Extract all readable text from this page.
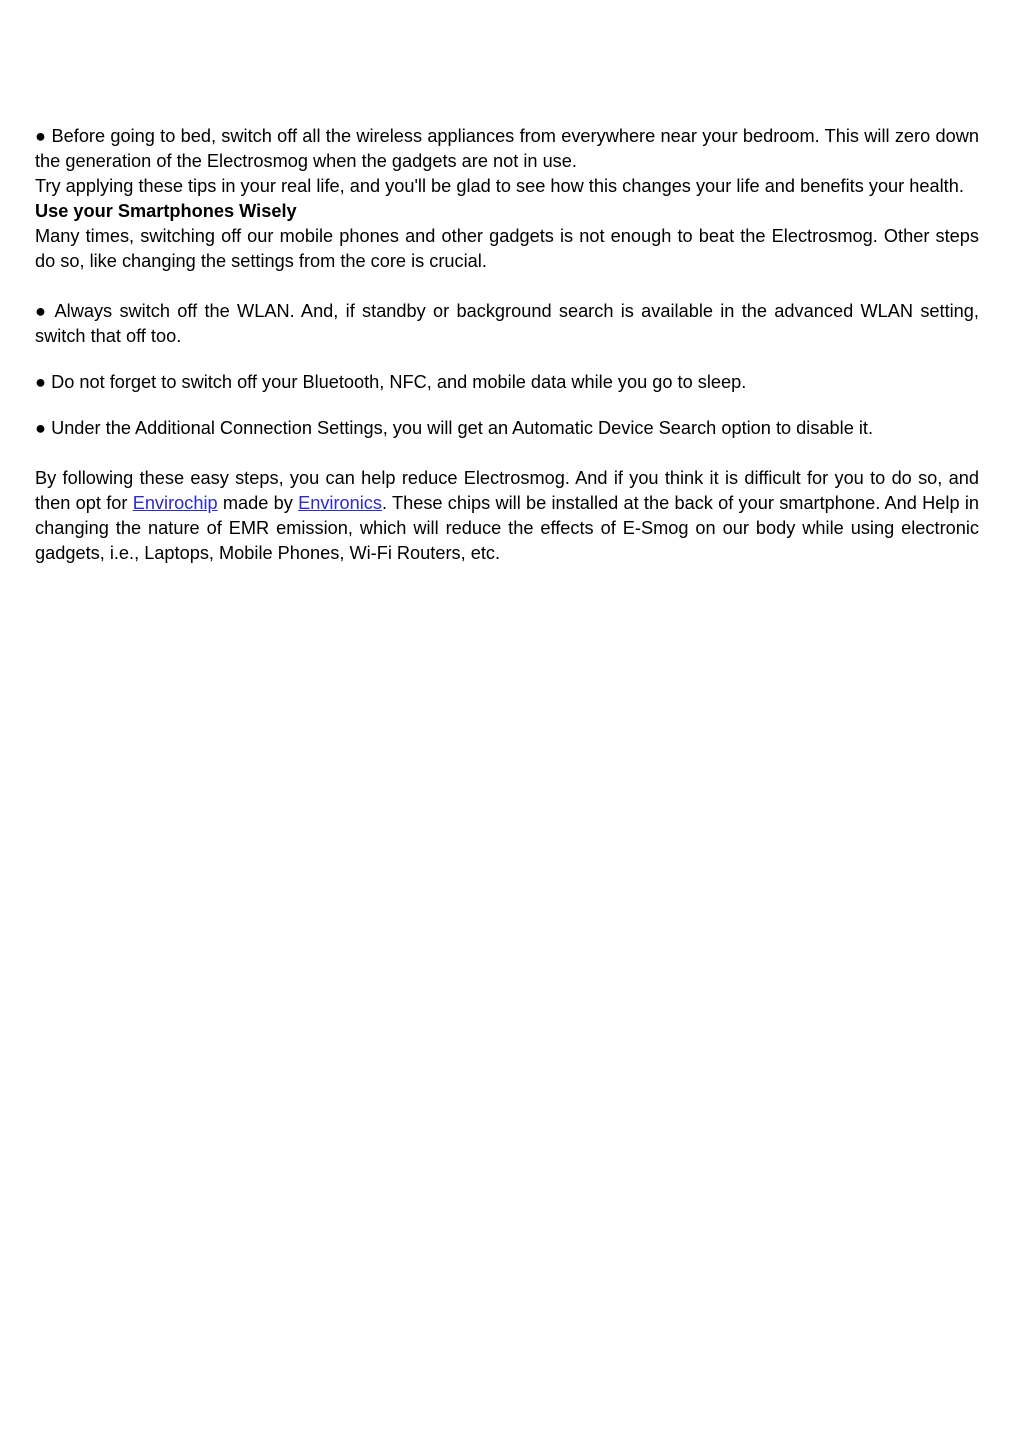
● Before going to bed, switch off all the wireless appliances from everywhere near your bedroom. This will zero down the generation of the Electrosmog when the gadgets are not in use.

Try applying these tips in your real life, and you'll be glad to see how this changes your life and benefits your health.

Use your Smartphones Wisely

Many times, switching off our mobile phones and other gadgets is not enough to beat the Electrosmog. Other steps do so, like changing the settings from the core is crucial.

● Always switch off the WLAN. And, if standby or background search is available in the advanced WLAN setting, switch that off too.

● Do not forget to switch off your Bluetooth, NFC, and mobile data while you go to sleep.

● Under the Additional Connection Settings, you will get an Automatic Device Search option to disable it.

By following these easy steps, you can help reduce Electrosmog. And if you think it is difficult for you to do so, and then opt for Envirochip made by Environics. These chips will be installed at the back of your smartphone. And Help in changing the nature of EMR emission, which will reduce the effects of E-Smog on our body while using electronic gadgets, i.e., Laptops, Mobile Phones, Wi-Fi Routers, etc.
